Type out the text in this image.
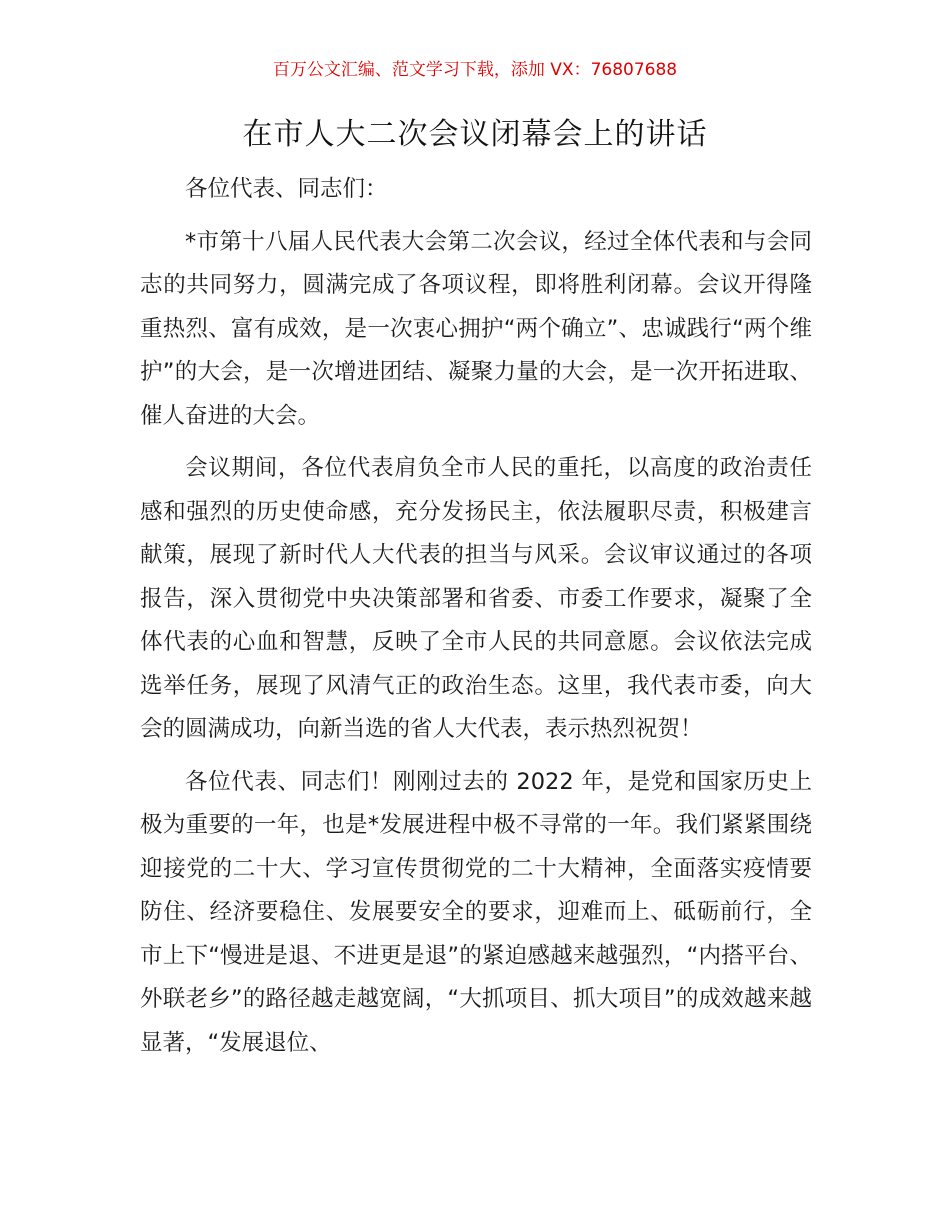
百万公文汇编、范文学习下载，添加 VX：76807688
在市人大二次会议闭幕会上的讲话

各位代表、同志们：

*市第十八届人民代表大会第二次会议，经过全体代表和与会同志的共同努力，圆满完成了各项议程，即将胜利闭幕。会议开得隆重热烈、富有成效，是一次衷心拥护“两个确立”、忠诚践行“两个维护”的大会，是一次增进团结、凝聚力量的大会，是一次开拓进取、催人奋进的大会。

会议期间，各位代表肩负全市人民的重托，以高度的政治责任感和强烈的历史使命感，充分发扬民主，依法履职尽责，积极建言献策，展现了新时代人大代表的担当与风采。会议审议通过的各项报告，深入贯彻党中央决策部署和省委、市委工作要求，凝聚了全体代表的心血和智慧，反映了全市人民的共同意愿。会议依法完成选举任务，展现了风清气正的政治生态。这里，我代表市委，向大会的圆满成功，向新当选的省人大代表，表示热烈祝贺！

各位代表、同志们！刚刚过去的 2022 年，是党和国家历史上极为重要的一年，也是*发展进程中极不寻常的一年。我们紧紧围绕迎接党的二十大、学习宣传贯彻党的二十大精神，全面落实疫情要防住、经济要稳住、发展要安全的要求，迎难而上、砥砺前行，全市上下“慢进是退、不进更是退”的紧迫感越来越强烈，“内搭平台、外联老乡”的路径越走越宽阔，“大抓项目、抓大项目”的成效越来越显著，“发展退位、
